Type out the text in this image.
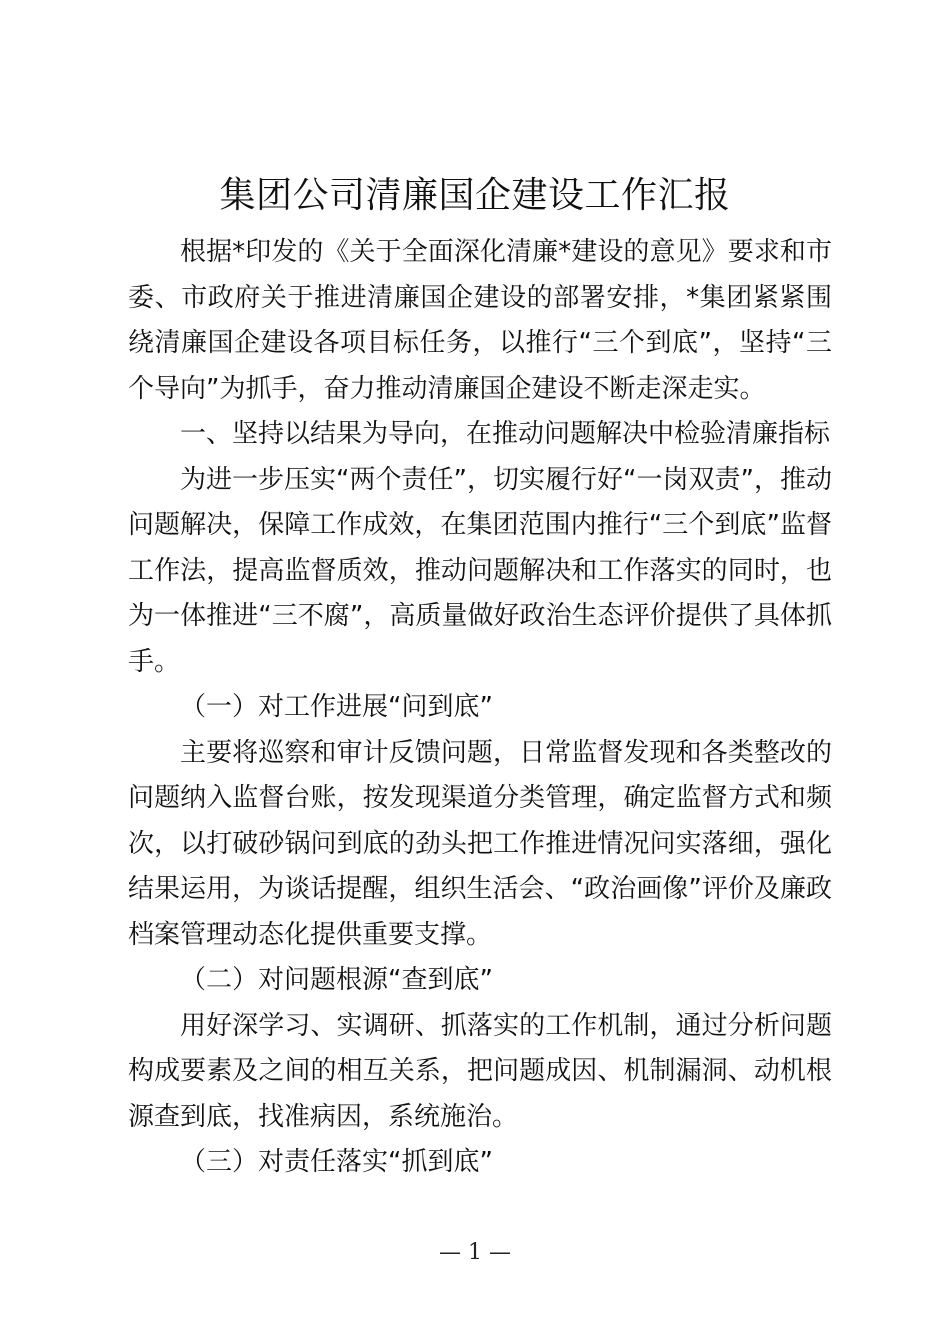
集团公司清廉国企建设工作汇报

根据*印发的《关于全面深化清廉*建设的意见》要求和市委、市政府关于推进清廉国企建设的部署安排，*集团紧紧围绕清廉国企建设各项目标任务，以推行“三个到底”，坚持“三个导向”为抓手，奋力推动清廉国企建设不断走深走实。

一、坚持以结果为导向，在推动问题解决中检验清廉指标

为进一步压实“两个责任”，切实履行好“一岗双责”，推动问题解决，保障工作成效，在集团范围内推行“三个到底”监督工作法，提高监督质效，推动问题解决和工作落实的同时，也为一体推进“三不腐”，高质量做好政治生态评价提供了具体抓手。

（一）对工作进展“问到底”

主要将巡察和审计反馈问题，日常监督发现和各类整改的问题纳入监督台账，按发现渠道分类管理，确定监督方式和频次，以打破砂锅问到底的劲头把工作推进情况问实落细，强化结果运用，为谈话提醒，组织生活会、“政治画像”评价及廉政档案管理动态化提供重要支撑。

（二）对问题根源“查到底”

用好深学习、实调研、抓落实的工作机制，通过分析问题构成要素及之间的相互关系，把问题成因、机制漏洞、动机根源查到底，找准病因，系统施治。

（三）对责任落实“抓到底”

— 1 —
